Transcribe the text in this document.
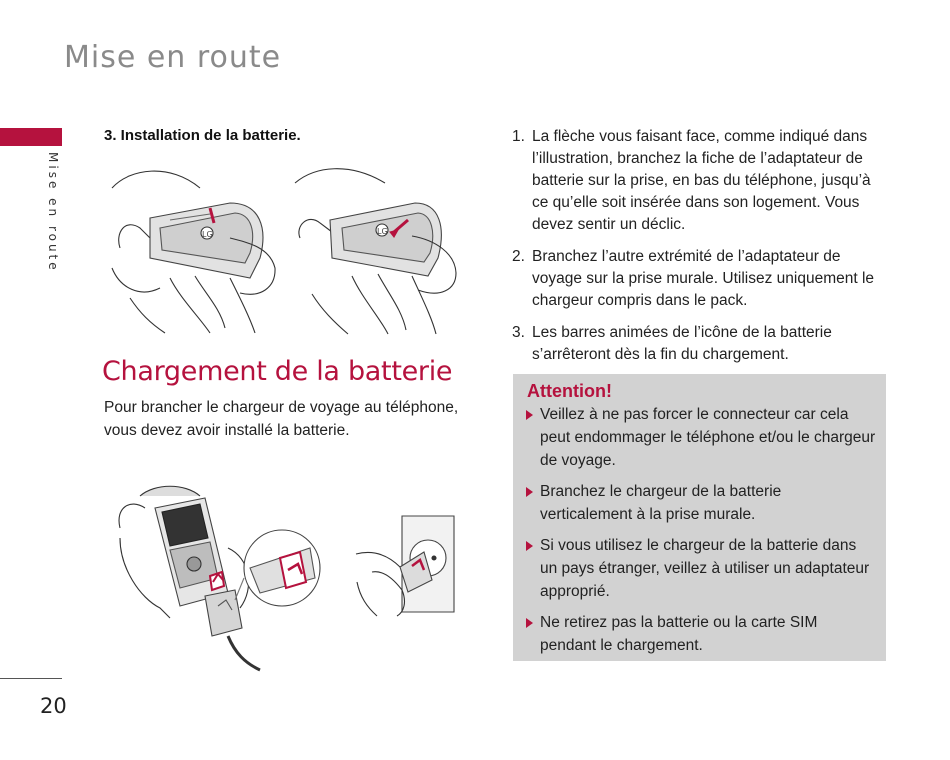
Mise en route
Mise en route
3. Installation de la batterie.
LG	LG
Chargement de la batterie
Pour brancher le chargeur de voyage au téléphone, vous devez avoir installé la batterie.
1. La flèche vous faisant face, comme indiqué dans l’illustration, branchez la fiche de l’adaptateur de batterie sur la prise, en bas du téléphone, jusqu’à ce qu’elle soit insérée dans son logement. Vous devez sentir un déclic.
2. Branchez l’autre extrémité de l’adaptateur de voyage sur la prise murale. Utilisez uniquement le chargeur compris dans le pack.
3. Les barres animées de l’icône de la batterie s’arrêteront dès la fin du chargement.
Attention!
Veillez à ne pas forcer le connecteur car cela peut endommager le téléphone et/ou le chargeur de voyage.
Branchez le chargeur de la batterie verticalement à la prise murale.
Si vous utilisez le chargeur de la batterie dans un pays étranger, veillez à utiliser un adaptateur approprié.
Ne retirez pas la batterie ou la carte SIM pendant le chargement.
20
